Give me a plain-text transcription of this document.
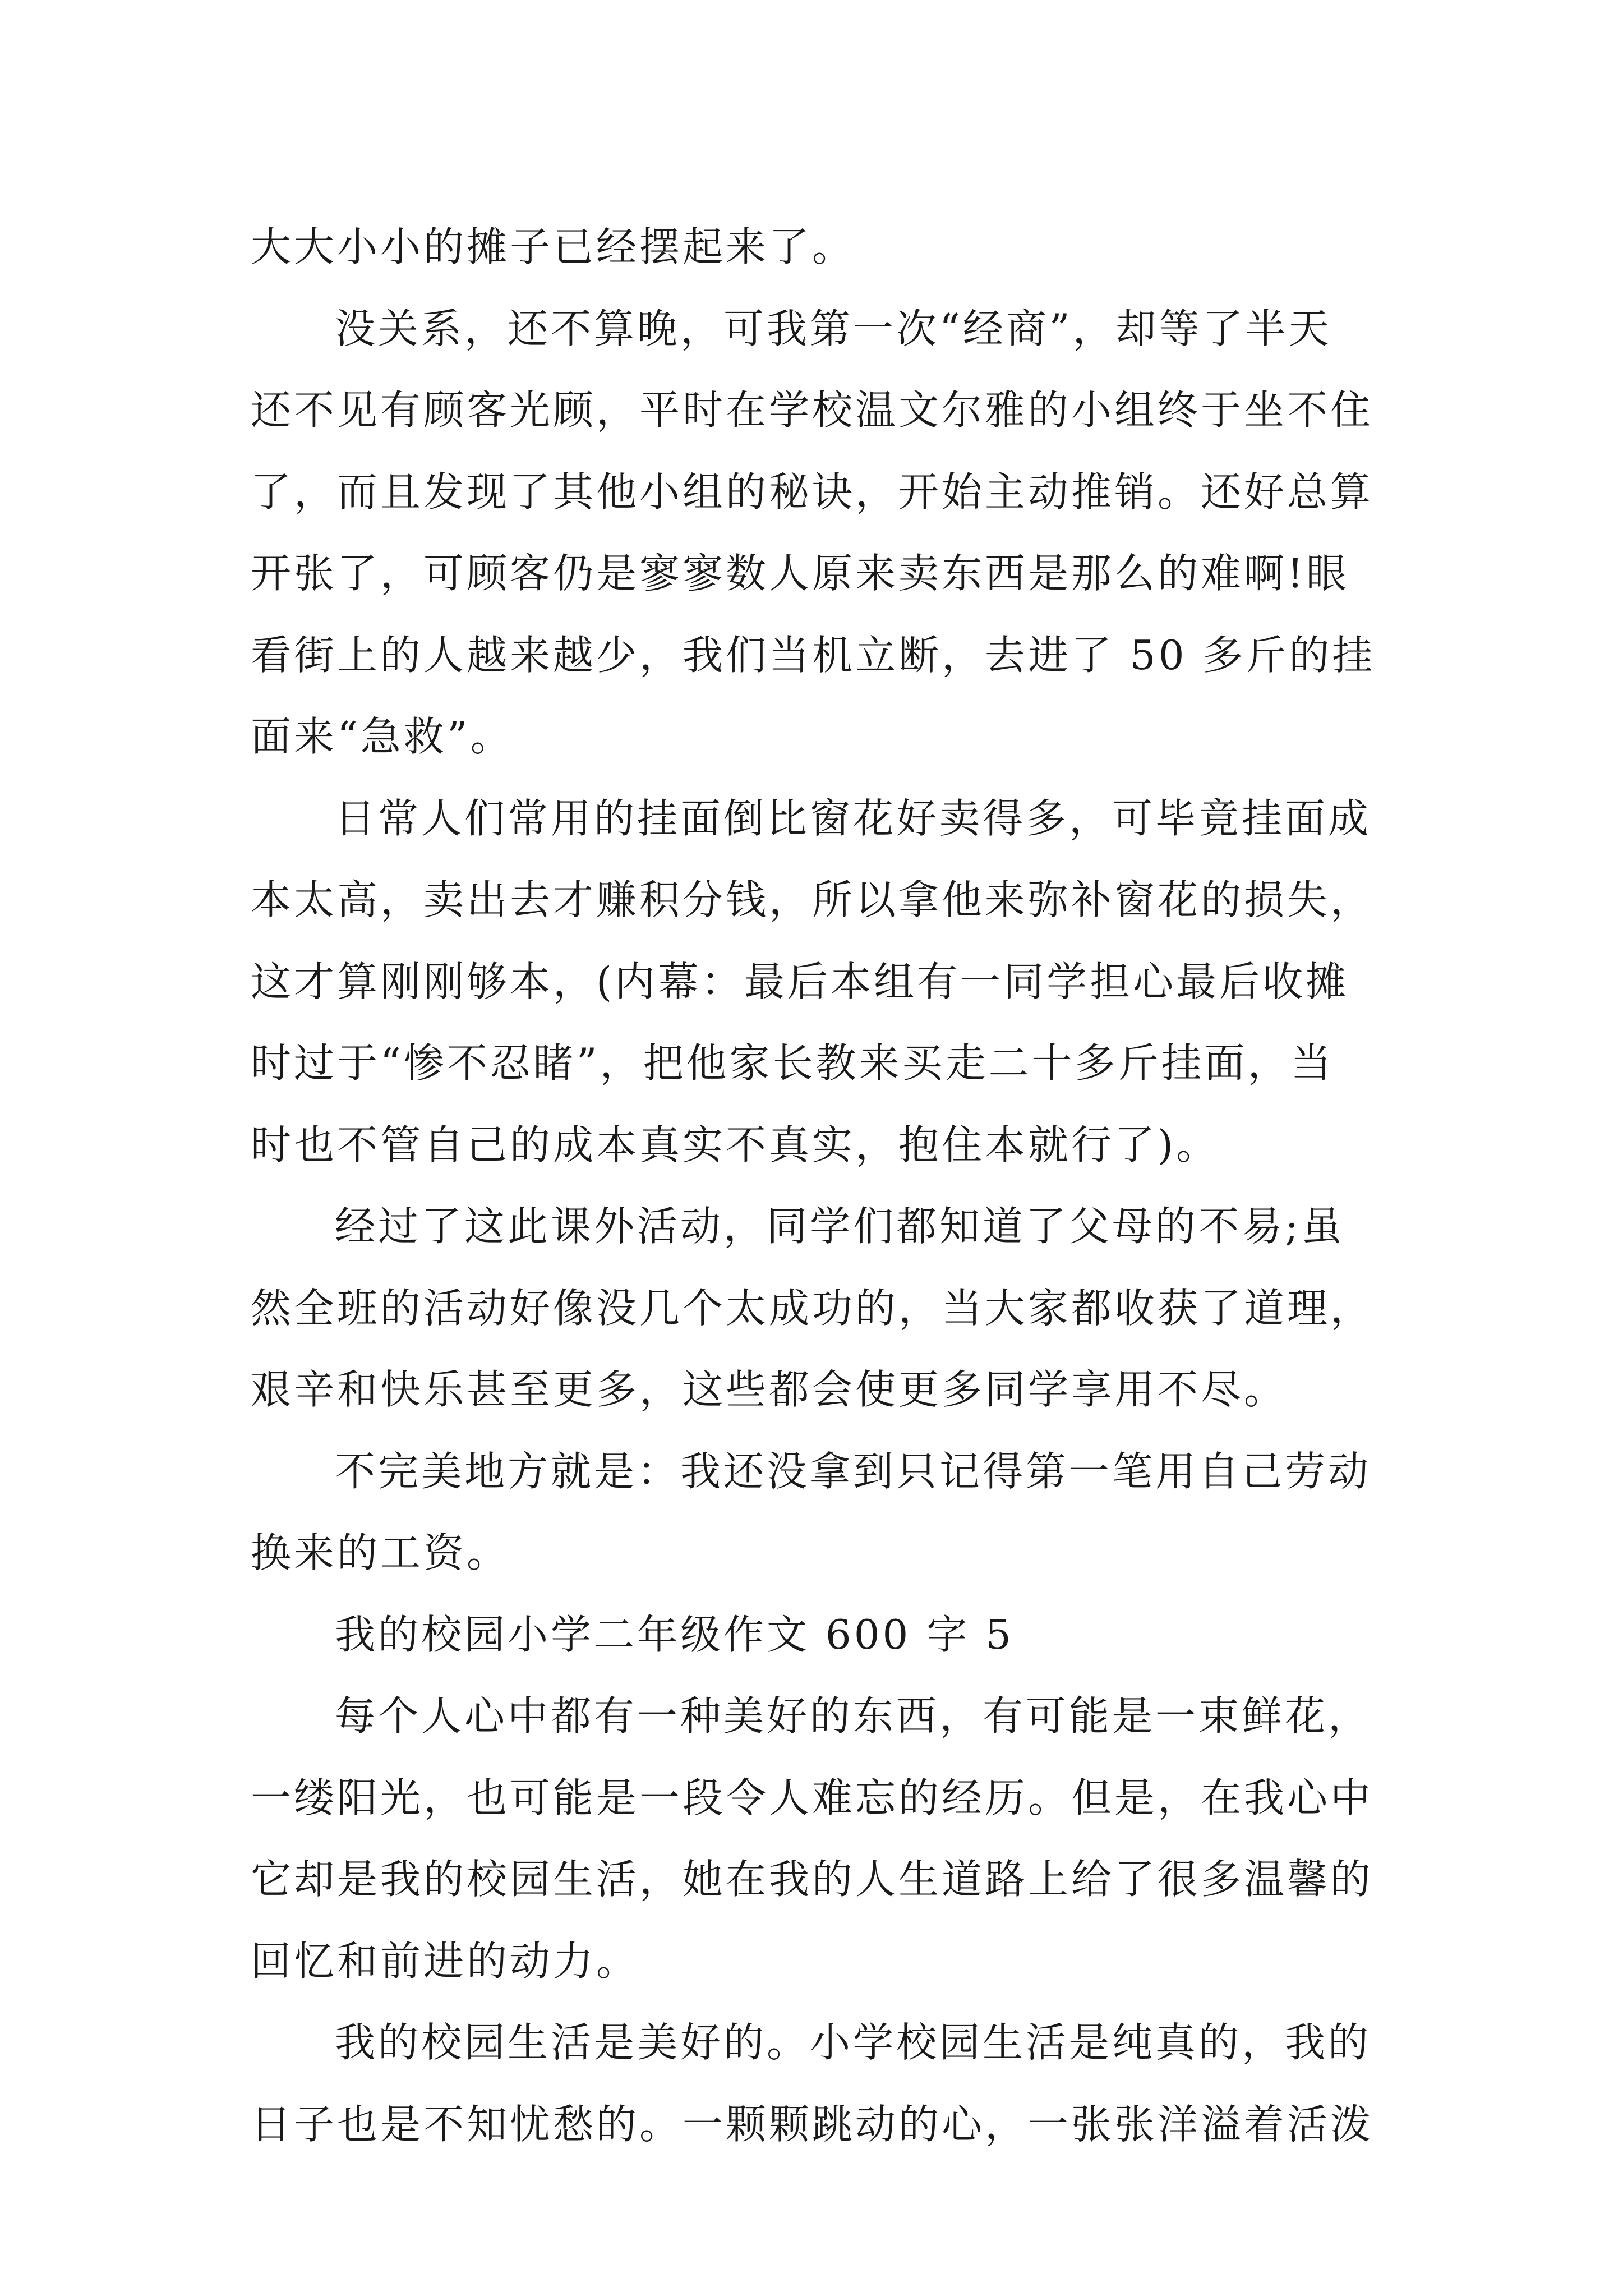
大大小小的摊子已经摆起来了。
没关系，还不算晚，可我第一次“经商”，却等了半天
还不见有顾客光顾，平时在学校温文尔雅的小组终于坐不住
了，而且发现了其他小组的秘诀，开始主动推销。还好总算
开张了，可顾客仍是寥寥数人原来卖东西是那么的难啊!眼
看街上的人越来越少，我们当机立断，去进了 50 多斤的挂
面来“急救”。
日常人们常用的挂面倒比窗花好卖得多，可毕竟挂面成
本太高，卖出去才赚积分钱，所以拿他来弥补窗花的损失，
这才算刚刚够本，(内幕：最后本组有一同学担心最后收摊
时过于“惨不忍睹”，把他家长教来买走二十多斤挂面，当
时也不管自己的成本真实不真实，抱住本就行了)。
经过了这此课外活动，同学们都知道了父母的不易;虽
然全班的活动好像没几个太成功的，当大家都收获了道理，
艰辛和快乐甚至更多，这些都会使更多同学享用不尽。
不完美地方就是：我还没拿到只记得第一笔用自己劳动
换来的工资。
我的校园小学二年级作文 600 字 5
每个人心中都有一种美好的东西，有可能是一束鲜花，
一缕阳光，也可能是一段令人难忘的经历。但是，在我心中
它却是我的校园生活，她在我的人生道路上给了很多温馨的
回忆和前进的动力。
我的校园生活是美好的。小学校园生活是纯真的，我的
日子也是不知忧愁的。一颗颗跳动的心，一张张洋溢着活泼
